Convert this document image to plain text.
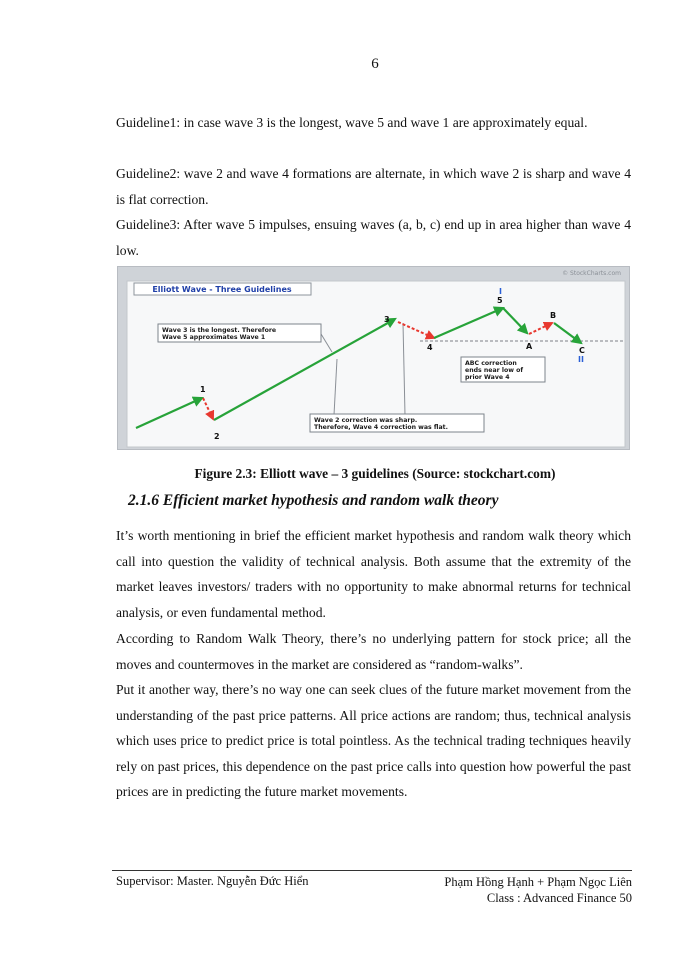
6

Guideline1: in case wave 3 is the longest, wave 5 and wave 1 are approximately equal.

Guideline2: wave 2 and wave 4 formations are alternate, in which wave 2 is sharp and wave 4 is flat correction.

Guideline3: After wave 5 impulses, ensuing waves (a, b, c) end up in area higher than wave 4 low.

© StockCharts.com
Elliott Wave - Three Guidelines
1
2
3
4
5
A
B
C
I
II
Wave 3 is the longest. Therefore
Wave 5 approximates Wave 1
ABC correction
ends near low of
prior Wave 4
Wave 2 correction was sharp.
Therefore, Wave 4 correction was flat.
Figure 2.3: Elliott wave – 3 guidelines (Source: stockchart.com)
2.1.6 Efficient market hypothesis and random walk theory

It’s worth mentioning in brief the efficient market hypothesis and random walk theory which call into question the validity of technical analysis. Both assume that the extremity of the market leaves investors/ traders with no opportunity to make abnormal returns for technical analysis, or even fundamental method.

According to Random Walk Theory, there’s no underlying pattern for stock price; all the moves and countermoves in the market are considered as “random-walks”.

Put it another way, there’s no way one can seek clues of the future market movement from the understanding of the past price patterns. All price actions are random; thus, technical analysis which uses price to predict price is total pointless. As the technical trading techniques heavily rely on past prices, this dependence on the past price calls into question how powerful the past prices are in predicting the future market movements.

Supervisor: Master. Nguyễn Đức Hiển	Phạm Hồng Hạnh + Phạm Ngọc Liên
Class : Advanced Finance 50
